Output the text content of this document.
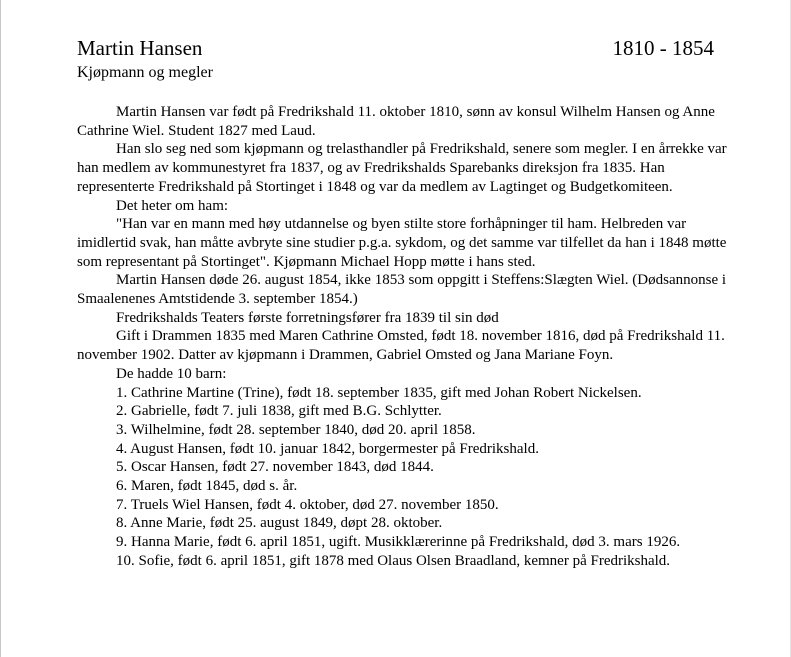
Martin Hansen	1810 - 1854
Kjøpmann og megler

Martin Hansen var født på Fredrikshald 11. oktober 1810, sønn av konsul Wilhelm Hansen og Anne Cathrine Wiel. Student 1827 med Laud.

Han slo seg ned som kjøpmann og trelasthandler på Fredrikshald, senere som megler. I en årrekke var han medlem av kommunestyret fra 1837, og av Fredrikshalds Sparebanks direksjon fra 1835. Han representerte Fredrikshald på Stortinget i 1848 og var da medlem av Lagtinget og Budgetkomiteen.

Det heter om ham:

"Han var en mann med høy utdannelse og byen stilte store forhåpninger til ham. Helbreden var imidlertid svak, han måtte avbryte sine studier p.g.a. sykdom, og det samme var tilfellet da han i 1848 møtte som representant på Stortinget". Kjøpmann Michael Hopp møtte i hans sted.

Martin Hansen døde 26. august 1854, ikke 1853 som oppgitt i Steffens:Slægten Wiel. (Dødsannonse i Smaalenenes Amtstidende 3. september 1854.)

Fredrikshalds Teaters første forretningsfører fra 1839 til sin død

Gift i Drammen 1835 med Maren Cathrine Omsted, født 18. november 1816, død på Fredrikshald 11. november 1902. Datter av kjøpmann i Drammen, Gabriel Omsted og Jana Mariane Foyn.

De hadde 10 barn:

1. Cathrine Martine (Trine), født 18. september 1835, gift med Johan Robert Nickelsen.
2. Gabrielle, født 7. juli 1838, gift med B.G. Schlytter.
3. Wilhelmine, født 28. september 1840, død 20. april 1858.
4. August Hansen, født 10. januar 1842, borgermester på Fredrikshald.
5. Oscar Hansen, født 27. november 1843, død 1844.
6. Maren, født 1845, død s. år.
7. Truels Wiel Hansen, født 4. oktober, død 27. november 1850.
8. Anne Marie, født 25. august 1849, døpt 28. oktober.
9. Hanna Marie, født 6. april 1851, ugift. Musikklærerinne på Fredrikshald, død 3. mars 1926.
10. Sofie, født 6. april 1851, gift 1878 med Olaus Olsen Braadland, kemner på Fredrikshald.
